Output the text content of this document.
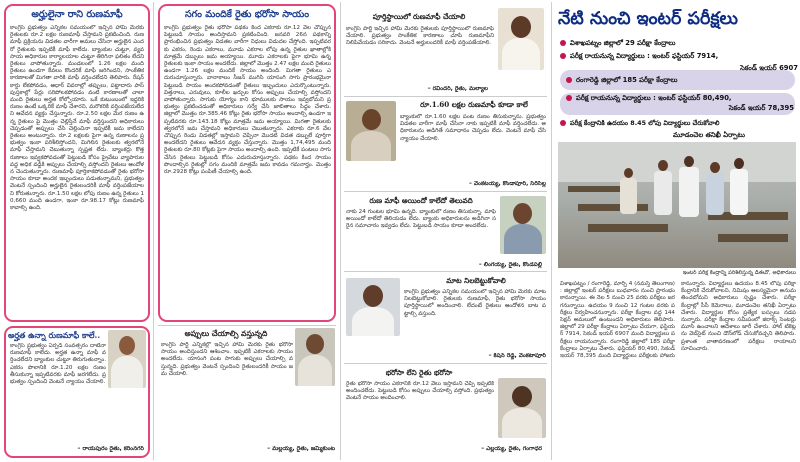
అర్హులైనా రాని రుణమాఫీ
కాంగ్రెస్ ప్రభుత్వం ఎన్నికల సమయంలో ఇచ్చిన హామీ మేరకు రైతులకు రూ.2 లక్షల రుణమాఫీ చేస్తామని ప్రకటించింది. రుణమాఫీ ప్రక్రియను విడతల వారీగా అమలు చేసినా అర్హులైన ఎందరో రైతులకు ఇప్పటికీ మాఫీ కాలేదు. బ్యాంకుల చుట్టూ, వ్యవసాయ అధికారుల కార్యాలయాల చుట్టూ తిరిగినా ఫలితం లేదని రైతులు వాపోతున్నారు. మండలంలో 1.26 లక్షల మంది రైతులు ఉండగా కేవలం కొందరికే మాఫీ జరిగిందని, సాంకేతిక కారణాలతో మిగతా వారికి మాఫీ వర్తించలేదని తెలిపారు. రేషన్ కార్డు లేకపోవడం, ఆధార్ వివరాల్లో తప్పులు, పట్టాదారు పాస్ పుస్తకాల్లో పేర్లు సరిపోలకపోవడం వంటి కారణాలతో చాలా మంది రైతులు అర్హత కోల్పోయారు. ఒకే కుటుంబంలో ఇద్దరికి రుణం ఉంటే ఒక్కరికే మాఫీ చేశారని, మరొకరికి వర్తింపజేయలేదని ఆవేదన వ్యక్తం చేస్తున్నారు. రూ.2.50 లక్షల మేర రుణం ఉన్న రైతులు పై మొత్తం చెల్లిస్తేనే మాఫీ వర్తిస్తుందని అధికారులు చెప్పడంతో అప్పులు చేసి చెల్లించినా ఇప్పటికీ జమ కాలేదని రైతులు అంటున్నారు. రూ.2 లక్షలకు పైగా ఉన్న రుణాలను ప్రభుత్వం ఇంకా పరిశీలిస్తోందని, మిగిలిన రైతులకు త్వరలోనే మాఫీ చేస్తామని చెబుతున్నా స్పష్టత లేదు. బ్యాంకర్లు కొత్త రుణాలు ఇవ్వకపోవడంతో పెట్టుబడి కోసం ప్రైవేటు వ్యాపారుల వద్ద అధిక వడ్డీకి అప్పులు చేయాల్సి వస్తోందని రైతులు ఆందోళన చెందుతున్నారు. రుణమాఫీ పూర్తికాకపోవడంతో రైతు భరోసా సాయం కూడా అందక ఇబ్బందులు పడుతున్నామని, ప్రభుత్వం వెంటనే స్పందించి అర్హులైన రైతులందరికీ మాఫీ వర్తింపజేయాలని కోరుతున్నారు. రూ.1.50 లక్షల లోపు రుణం ఉన్న రైతులు 10,660 మంది ఉండగా, ఇంకా రూ.98.17 కోట్లు రుణమాఫీ కావాల్సి ఉంది.
అర్హత ఉన్నా రుణమాఫీ కాలే..
కాంగ్రెస్ ప్రభుత్వం ఏర్పడి సంవత్సరం దాటినా రుణమాఫీ కాలేదు. అర్హత ఉన్నా మాఫీ వర్తించలేదని బ్యాంకుల చుట్టూ తిరుగుతున్నాం. ఎకరం పొలానికి రూ.1.20 లక్షల రుణం తీసుకున్నా ఇప్పటివరకు మాఫీ జరగలేదు. ప్రభుత్వం స్పందించి వెంటనే న్యాయం చేయాలి.
– రాయపురం రైతు, కరీంనగర్
సగం మందికే రైతు భరోసా సాయం
కాంగ్రెస్ ప్రభుత్వం రైతు భరోసా పథకం కింద ఎకరాకు రూ.12 వేల చొప్పున పెట్టుబడి సాయం అందిస్తామని ప్రకటించింది. జనవరి 26న పథకాన్ని ప్రారంభించిన ప్రభుత్వం విడతల వారీగా నిధులు విడుదల చేస్తోంది. ఇప్పటివరకు ఎకరం, రెండు ఎకరాలు, మూడు ఎకరాల లోపు ఉన్న రైతుల ఖాతాల్లోకి మాత్రమే డబ్బులు జమ అయ్యాయి. మూడు ఎకరాలకు పైగా భూమి ఉన్న రైతులకు ఇంకా సాయం అందలేదు. జిల్లాలో మొత్తం 2.47 లక్షల మంది రైతులు ఉండగా 1.26 లక్షల మందికే సాయం అందింది. మిగతా రైతులు ఎదురుచూస్తున్నారు. వానాకాలం సీజన్ ముగిసి యాసంగి సాగు ప్రారంభమైనా పెట్టుబడి సాయం అందకపోవడంతో రైతులు ఇబ్బందులు ఎదుర్కొంటున్నారు. విత్తనాలు, ఎరువులు, కూలీల ఖర్చుల కోసం అప్పులు చేయాల్సి వస్తోందని వాపోతున్నారు. సాగుకు యోగ్యం కాని భూములకు సాయం ఇవ్వబోమని ప్రభుత్వం ప్రకటించడంతో అధికారులు సర్వే చేసి జాబితాలు సిద్ధం చేశారు. జిల్లాలో మొత్తం రూ.385.46 కోట్లు రైతు భరోసా సాయం అందాల్సి ఉండగా ఇప్పటివరకు రూ.143.18 కోట్లు మాత్రమే జమ అయ్యాయి. మిగతా రైతులకు త్వరలోనే జమ చేస్తామని అధికారులు చెబుతున్నారు. ఎకరాకు రూ.6 వేల చొప్పున రెండు విడతల్లో ఇస్తామని చెప్పినా మొదటి విడత డబ్బులే పూర్తిగా అందలేదని రైతులు ఆవేదన వ్యక్తం చేస్తున్నారు. మొత్తం 1,74,495 మంది రైతులకు రూ.80 కోట్లకు పైగా సాయం అందాల్సి ఉంది. ఇప్పటికే పంటలు సాగు చేసిన రైతులు పెట్టుబడి కోసం ఎదురుచూస్తున్నారు. పథకం కింద సాయం పొందాల్సిన రైతుల్లో సగం మందికి మాత్రమే జమ కావడం గమనార్హం. మొత్తం రూ.2928 కోట్లు పంపిణీ చేయాల్సి ఉంది.
అప్పులు చేయాల్సి వస్తున్నది
కాంగ్రెస్ పార్టీ ఎన్నికల్లో ఇచ్చిన హామీ మేరకు రైతు భరోసా సాయం అందిస్తుందని ఆశించాం. ఇప్పటికీ ఎకరాలకు సాయం అందలేదు. యాసంగి పంట సాగుకు అప్పులు చేయాల్సి వస్తున్నది. ప్రభుత్వం వెంటనే స్పందించి రైతులందరికీ సాయం జమ చేయాలి.
– మల్లయ్య, రైతు, జమ్మికుంట
పూర్తిస్థాయిలో రుణమాఫీ చేయాలి
కాంగ్రెస్ పార్టీ ఇచ్చిన హామీ మేరకు రైతులకు పూర్తిస్థాయిలో రుణమాఫీ చేయాలి. ప్రభుత్వం సాంకేతిక కారణాలు చూపి రుణమాఫీని నిలిపివేయడం సరికాదు. వెంటనే అర్హులందరికీ మాఫీ వర్తింపజేయాలి.
– రవీందర్, రైతు, మల్యాల
రూ.1.60 లక్షల రుణమాఫీ కూడా కాలే
బ్యాంకులో రూ.1.60 లక్షల పంట రుణం తీసుకున్నాను. ప్రభుత్వం విడతల వారీగా మాఫీ చేసినా నాకు ఇప్పటికీ మాఫీ వర్తించలేదు. అధికారులను అడిగితే సమాధానం చెప్పడం లేదు. వెంటనే మాఫీ చేసి న్యాయం చేయాలి.
– వెంకటయ్య, కొండాపూర్, సిరిసిల్ల
రుణ మాఫీ అయిందో కాలేదో తెలువది
నాకు 24 గుంటల భూమి ఉన్నది. బ్యాంకులో రుణం తీసుకున్నా. మాఫీ అయిందో కాలేదో తెలియడం లేదు. బ్యాంకు అధికారులను అడిగినా సరైన సమాచారం ఇవ్వడం లేదు. పెట్టుబడి సాయం కూడా అందలేదు.
– లింగయ్య, రైతు, కొండపల్లి
మాట నిలబెట్టుకోవాలి
కాంగ్రెస్ ప్రభుత్వం ఎన్నికల సమయంలో ఇచ్చిన హామీ మేరకు మాట నిలబెట్టుకోవాలి. రైతులకు రుణమాఫీ, రైతు భరోసా సాయం పూర్తిస్థాయిలో అందించాలి. లేదంటే రైతులు ఆందోళన బాట పట్టాల్సి వస్తుంది.
– కిషన్ రెడ్డి, వెంకటాపూర్
భరోసా లేని రైతు భరోసా
రైతు భరోసా సాయం ఎకరానికి రూ.12 వేలు ఇస్తామని చెప్పి ఇప్పటికీ అందించలేదు. పెట్టుబడి కోసం అప్పులు చేయాల్సి వస్తోంది. ప్రభుత్వం వెంటనే సాయం అందించాలి.
– ఎల్లయ్య, రైతు, గంగాధర
నేటి నుంచి ఇంటర్ పరీక్షలు
విశాఖపట్నం జిల్లాలో 29 పరీక్షా కేంద్రాలు
పరీక్ష రాయనున్న విద్యార్థులు : ఇంటర్ ఫస్టియర్ 7914,
సెకండ్ ఇయర్ 6907
రంగారెడ్డి జిల్లాలో 185 పరీక్షా కేంద్రాలు
పరీక్ష రాయనున్న విద్యార్థులు : ఇంటర్ ఫస్టియర్ 80,490,
సెకండ్ ఇయర్ 78,395
పరీక్ష కేంద్రానికి ఉదయం 8.45 లోపు విద్యార్థులు చేరుకోవాలి
మూడంచెల తనిఖీ ఏర్పాటు
ఇంటర్ పరీక్ష కేంద్రాన్ని పరిశీలిస్తున్న డీఈవో, అధికారులు
విశాఖపట్నం / రంగారెడ్డి, మార్చి 4 (నమస్తే తెలంగాణ) : జిల్లాల్లో ఇంటర్ పరీక్షలు బుధవారం నుంచి ప్రారంభం కానున్నాయి. ఈ నెల 5 నుంచి 25 వరకు పరీక్షలు జరగనున్నాయి. ఉదయం 9 నుంచి 12 గంటల వరకు పరీక్షలు నిర్వహించనున్నారు. పరీక్షా కేంద్రాల వద్ద 144 సెక్షన్ అమలులో ఉంటుందని అధికారులు తెలిపారు. జిల్లాలో 29 పరీక్షా కేంద్రాలు ఏర్పాటు చేయగా, ఫస్టియర్ 7914, సెకండ్ ఇయర్ 6907 మంది విద్యార్థులు పరీక్షలు రాయనున్నారు. రంగారెడ్డి జిల్లాలో 185 పరీక్షా కేంద్రాలు ఏర్పాటు చేశారు. ఫస్టియర్ 80,490, సెకండ్ ఇయర్ 78,395 మంది విద్యార్థులు పరీక్షలకు హాజరు కానున్నారు. విద్యార్థులు ఉదయం 8.45 లోపు పరీక్షా కేంద్రానికి చేరుకోవాలని, నిమిషం ఆలస్యమైనా అనుమతించబోమని అధికారులు స్పష్టం చేశారు. పరీక్షా కేంద్రాల్లో సీసీ కెమెరాలు, మూడంచెల తనిఖీ ఏర్పాటు చేశారు. విద్యార్థుల కోసం ప్రత్యేక బస్సులు నడపనున్నారు. పరీక్షా కేంద్రాల సమీపంలో జిరాక్స్ సెంటర్లు మూసి ఉంచాలని ఆదేశాలు జారీ చేశారు. హాల్ టికెట్లను వెబ్‌సైట్ నుంచి డౌన్‌లోడ్ చేసుకోవచ్చని తెలిపారు. ప్రశాంత వాతావరణంలో పరీక్షలు రాయాలని సూచించారు.
